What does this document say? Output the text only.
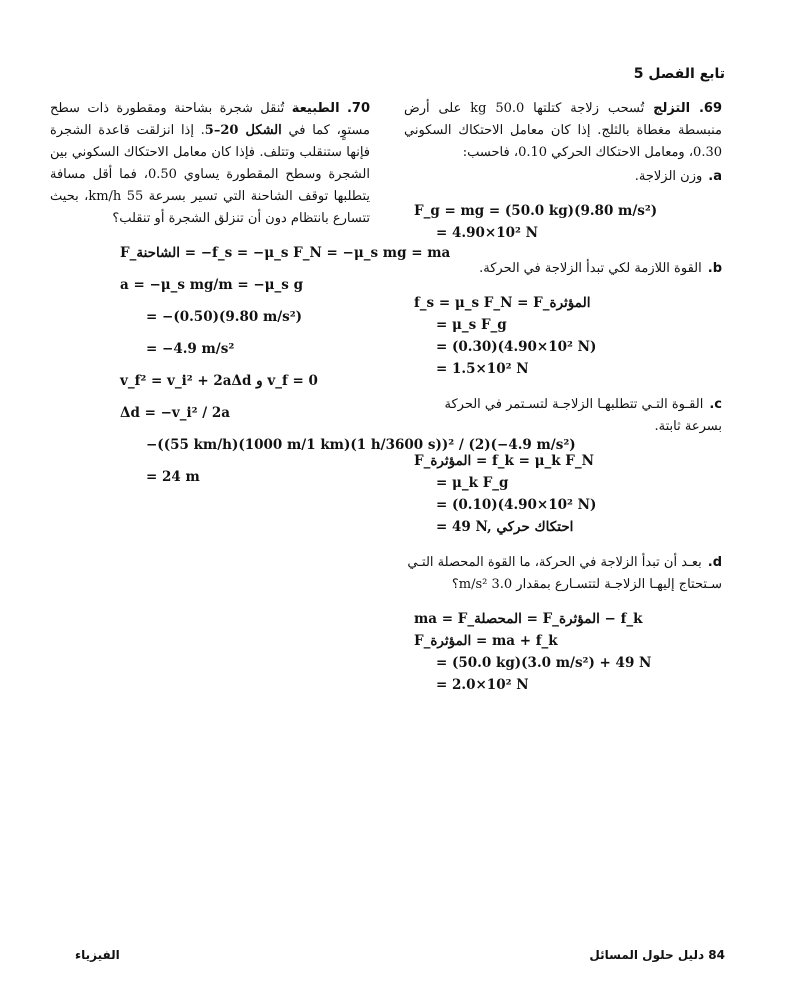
تابع الفصل 5

69. التزلج تُسحب زلاجة كتلتها 50.0 kg على أرض منبسطة مغطاة بالثلج. إذا كان معامل الاحتكاك السكوني 0.30، ومعامل الاحتكاك الحركي 0.10، فاحسب:

a.وزن الزلاجة.

F_g = mg = (50.0 kg)(9.80 m/s²)
= 4.90×10² N

b.القوة اللازمة لكي تبدأ الزلاجة في الحركة.

f_s = μ_s F_N = F_المؤثرة
= μ_s F_g
= (0.30)(4.90×10² N)
= 1.5×10² N

c.القـوة التـي تتطلبهـا الزلاجـة لتسـتمر في الحركة بسرعة ثابتة.

F_المؤثرة = f_k = μ_k F_N
= μ_k F_g
= (0.10)(4.90×10² N)
= 49 N, احتكاك حركي

d.بعـد أن تبدأ الزلاجة في الحركة، ما القوة المحصلة التـي سـتحتاج إليهـا الزلاجـة لتتسـارع بمقدار 3.0 m/s²؟

ma = F_المحصلة = F_المؤثرة − f_k
F_المؤثرة = ma + f_k
= (50.0 kg)(3.0 m/s²) + 49 N
= 2.0×10² N

70. الطبيعة تُنقل شجرة بشاحنة ومقطورة ذات سطح مستوٍ، كما في الشكل 20–5. إذا انزلقت قاعدة الشجرة فإنها ستنقلب وتتلف. فإذا كان معامل الاحتكاك السكوني بين الشجرة وسطح المقطورة يساوي 0.50، فما أقل مسافة يتطلبها توقف الشاحنة التي تسير بسرعة 55 km/h، بحيث تتسارع بانتظام دون أن تنزلق الشجرة أو تنقلب؟

F_الشاحنة = −f_s = −μ_s F_N = −μ_s mg = ma
a = −μ_s mg/m = −μ_s g
= −(0.50)(9.80 m/s²)
= −4.9 m/s²
v_f² = v_i² + 2aΔd و v_f = 0
Δd = −v_i² / 2a
−((55 km/h)(1000 m/1 km)(1 h/3600 s))² / (2)(−4.9 m/s²)
= 24 m
84 دليل حلول المسائل
الفيزياء
